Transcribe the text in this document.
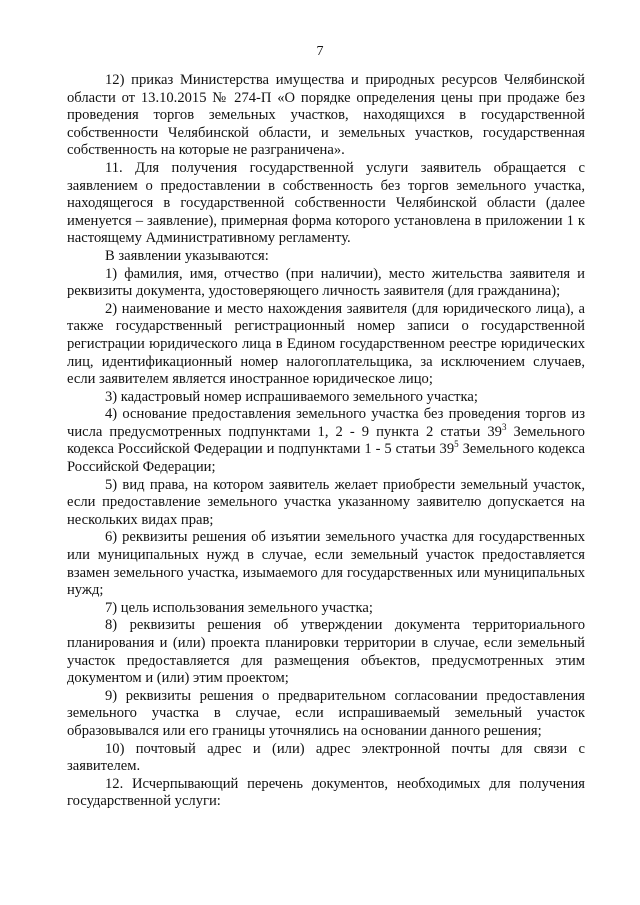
7

12) приказ Министерства имущества и природных ресурсов Челябинской области от 13.10.2015 № 274-П «О порядке определения цены при продаже без проведения торгов земельных участков, находящихся в государственной собственности Челябинской области, и земельных участков, государственная собственность на которые не разграничена».

11. Для получения государственной услуги заявитель обращается с заявлением о предоставлении в собственность без торгов земельного участка, находящегося в государственной собственности Челябинской области (далее именуется – заявление), примерная форма которого установлена в приложении 1 к настоящему Административному регламенту.

В заявлении указываются:

1) фамилия, имя, отчество (при наличии), место жительства заявителя и реквизиты документа, удостоверяющего личность заявителя (для гражданина);

2) наименование и место нахождения заявителя (для юридического лица), а также государственный регистрационный номер записи о государственной регистрации юридического лица в Едином государственном реестре юридических лиц, идентификационный номер налогоплательщика, за исключением случаев, если заявителем является иностранное юридическое лицо;

3) кадастровый номер испрашиваемого земельного участка;

4) основание предоставления земельного участка без проведения торгов из числа предусмотренных подпунктами 1, 2 - 9 пункта 2 статьи $39^3$ Земельного кодекса Российской Федерации и подпунктами 1 - 5 статьи $39^5$ Земельного кодекса Российской Федерации;

5) вид права, на котором заявитель желает приобрести земельный участок, если предоставление земельного участка указанному заявителю допускается на нескольких видах прав;

6) реквизиты решения об изъятии земельного участка для государственных или муниципальных нужд в случае, если земельный участок предоставляется взамен земельного участка, изымаемого для государственных или муниципальных нужд;

7) цель использования земельного участка;

8) реквизиты решения об утверждении документа территориального планирования и (или) проекта планировки территории в случае, если земельный участок предоставляется для размещения объектов, предусмотренных этим документом и (или) этим проектом;

9) реквизиты решения о предварительном согласовании предоставления земельного участка в случае, если испрашиваемый земельный участок образовывался или его границы уточнялись на основании данного решения;

10) почтовый адрес и (или) адрес электронной почты для связи с заявителем.

12. Исчерпывающий перечень документов, необходимых для получения государственной услуги:
